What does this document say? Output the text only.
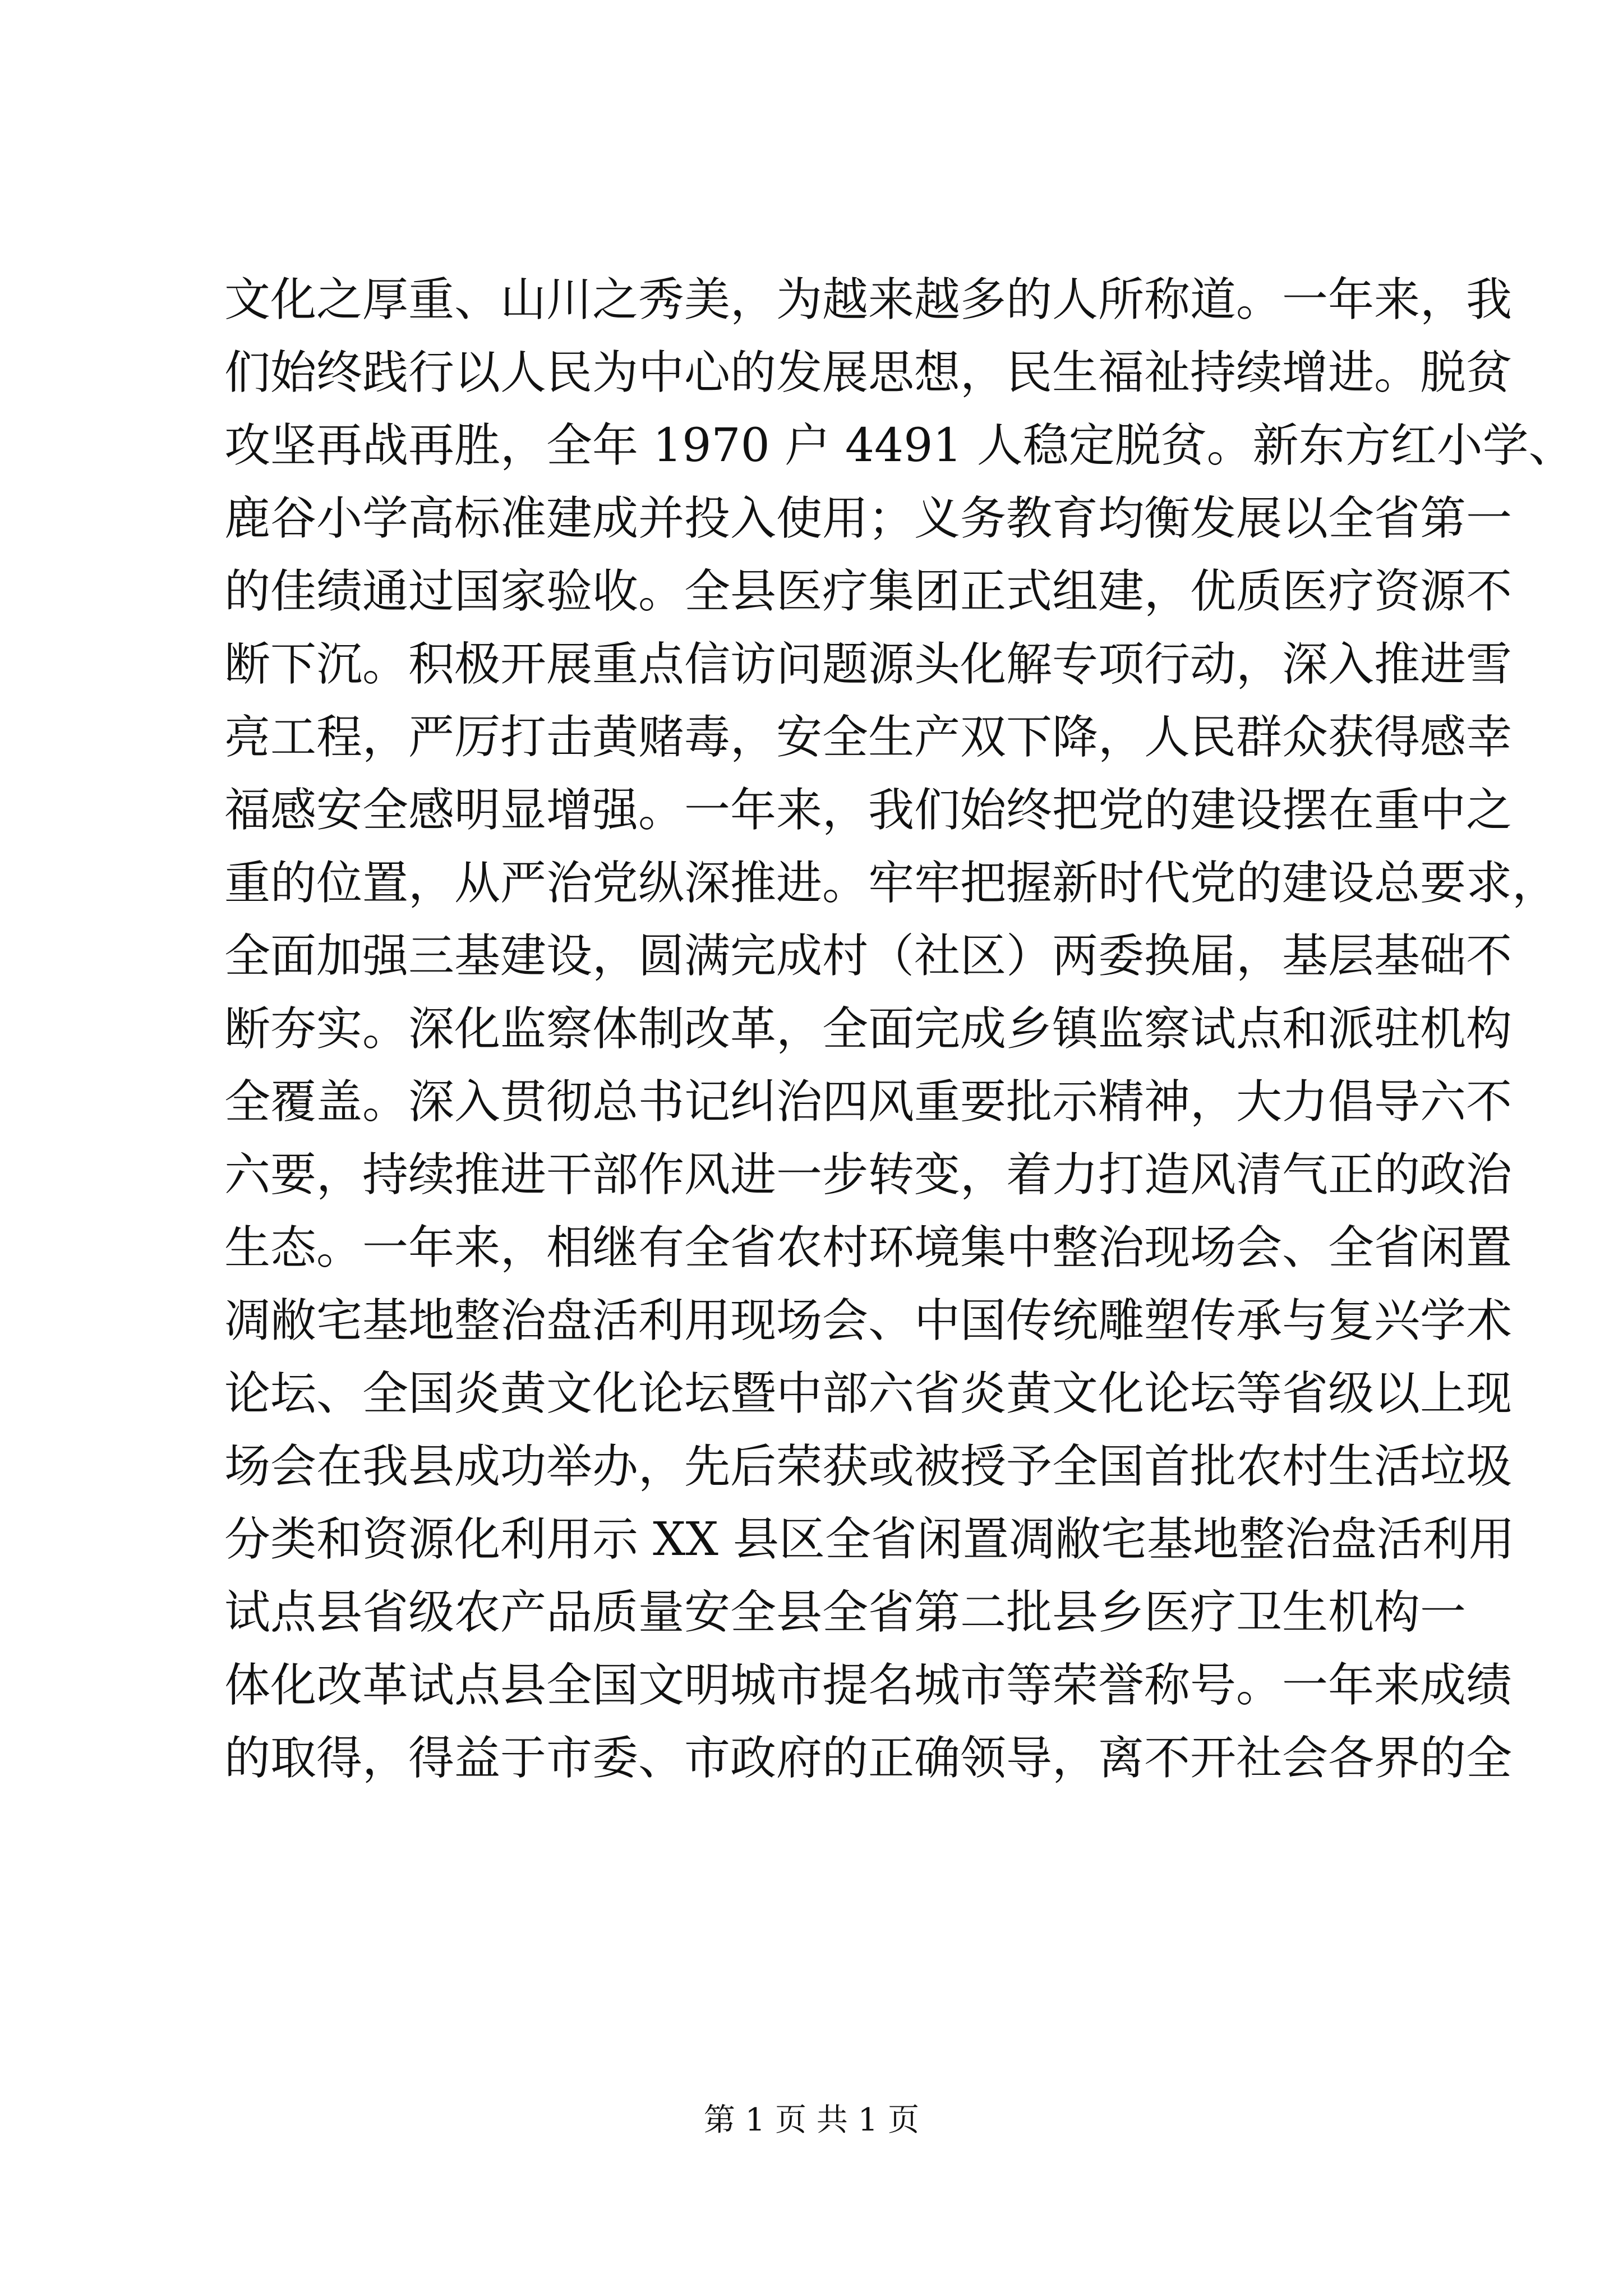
文化之厚重、山川之秀美，为越来越多的人所称道。一年来，我
们始终践行以人民为中心的发展思想，民生福祉持续增进。脱贫
攻坚再战再胜，全年 1970 户 4491 人稳定脱贫。新东方红小学、
鹿谷小学高标准建成并投入使用；义务教育均衡发展以全省第一
的佳绩通过国家验收。全县医疗集团正式组建，优质医疗资源不
断下沉。积极开展重点信访问题源头化解专项行动，深入推进雪
亮工程，严厉打击黄赌毒，安全生产双下降，人民群众获得感幸
福感安全感明显增强。一年来，我们始终把党的建设摆在重中之
重的位置，从严治党纵深推进。牢牢把握新时代党的建设总要求，
全面加强三基建设，圆满完成村（社区）两委换届，基层基础不
断夯实。深化监察体制改革，全面完成乡镇监察试点和派驻机构
全覆盖。深入贯彻总书记纠治四风重要批示精神，大力倡导六不
六要，持续推进干部作风进一步转变，着力打造风清气正的政治
生态。一年来，相继有全省农村环境集中整治现场会、全省闲置
凋敝宅基地整治盘活利用现场会、中国传统雕塑传承与复兴学术
论坛、全国炎黄文化论坛暨中部六省炎黄文化论坛等省级以上现
场会在我县成功举办，先后荣获或被授予全国首批农村生活垃圾
分类和资源化利用示 XX 县区全省闲置凋敝宅基地整治盘活利用
试点县省级农产品质量安全县全省第二批县乡医疗卫生机构一
体化改革试点县全国文明城市提名城市等荣誉称号。一年来成绩
的取得，得益于市委、市政府的正确领导，离不开社会各界的全
第 1 页 共 1 页
